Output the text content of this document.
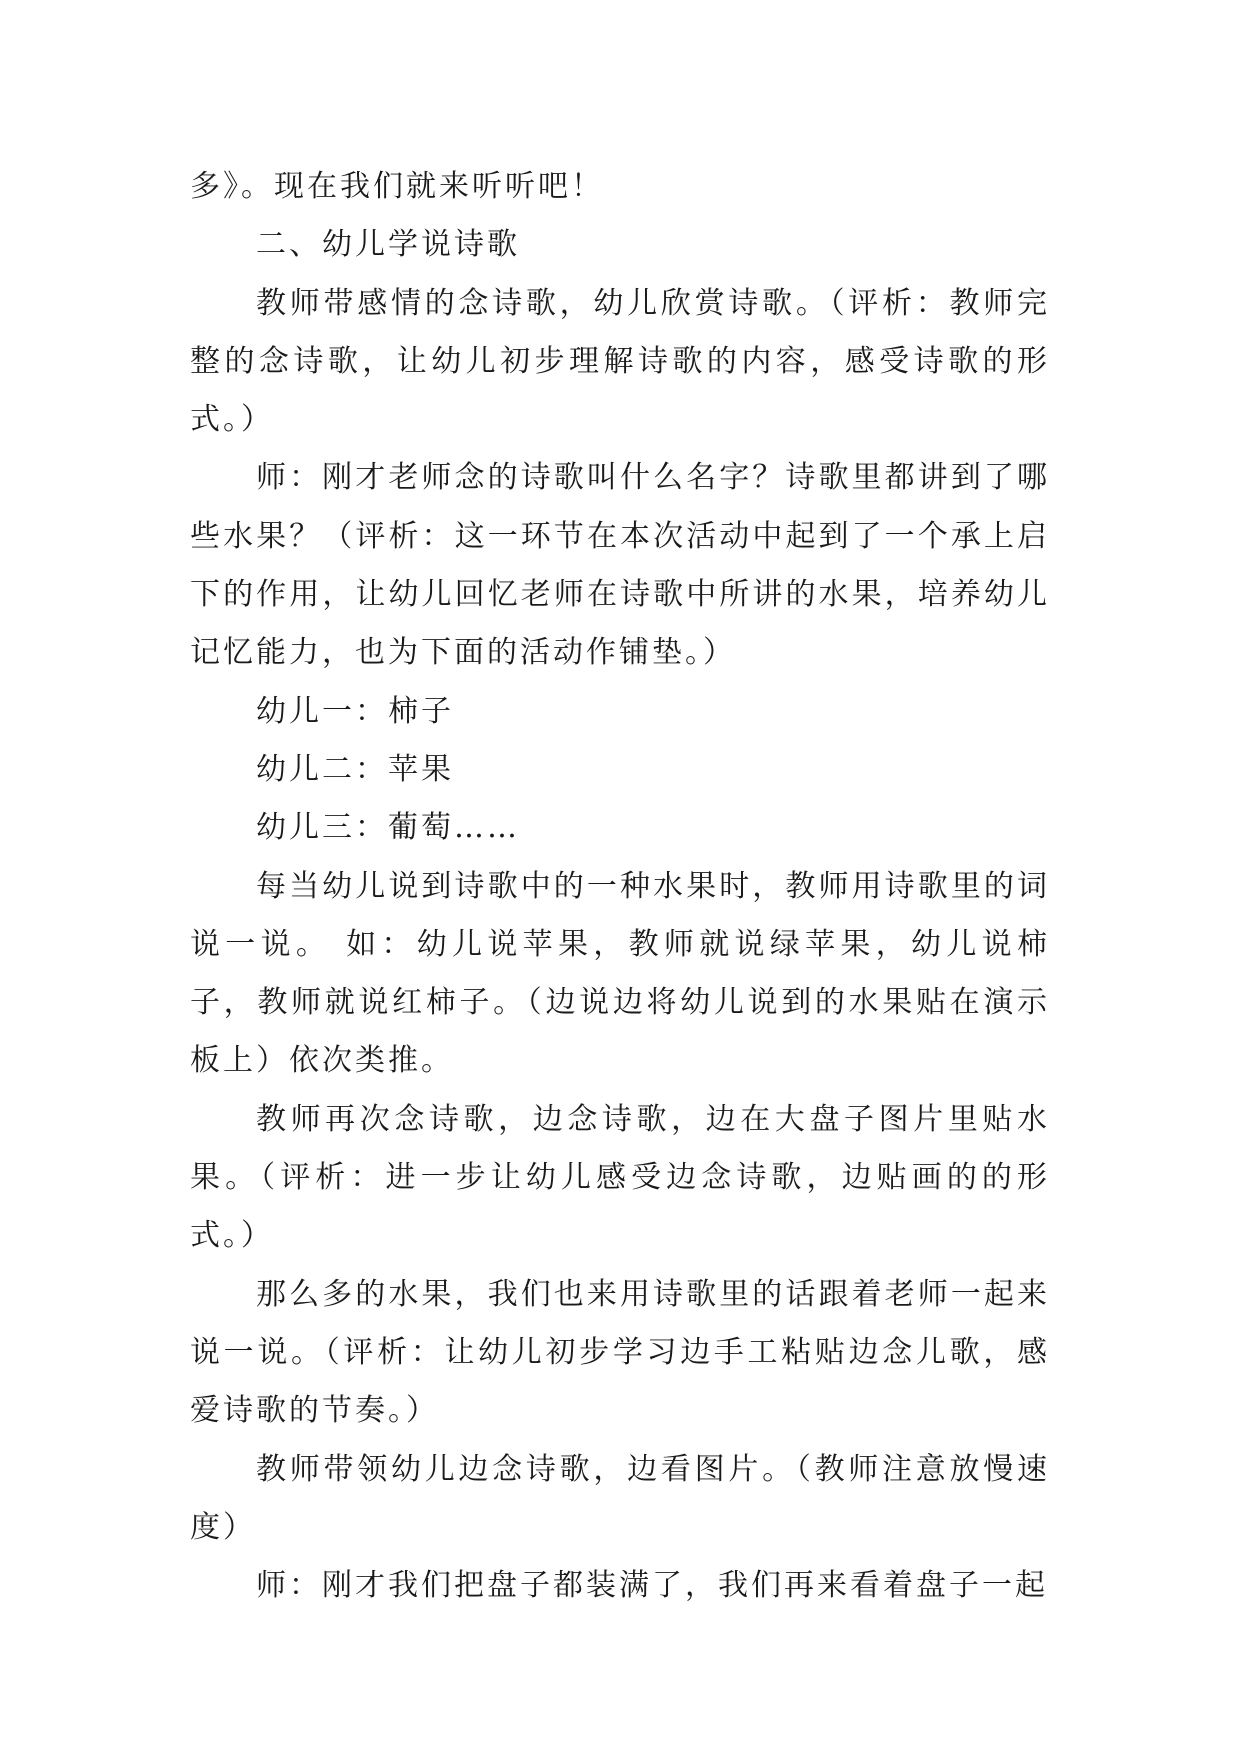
多》。现在我们就来听听吧！

二、幼儿学说诗歌

教师带感情的念诗歌，幼儿欣赏诗歌。（评析：教师完整的念诗歌，让幼儿初步理解诗歌的内容，感受诗歌的形式。）

师：刚才老师念的诗歌叫什么名字？诗歌里都讲到了哪些水果？（评析：这一环节在本次活动中起到了一个承上启下的作用，让幼儿回忆老师在诗歌中所讲的水果，培养幼儿记忆能力，也为下面的活动作铺垫。）

幼儿一：柿子

幼儿二：苹果

幼儿三：葡萄……

每当幼儿说到诗歌中的一种水果时，教师用诗歌里的词说一说。 如：幼儿说苹果，教师就说绿苹果，幼儿说柿子，教师就说红柿子。（边说边将幼儿说到的水果贴在演示板上）依次类推。

教师再次念诗歌，边念诗歌，边在大盘子图片里贴水果。（评析：进一步让幼儿感受边念诗歌，边贴画的的形式。）

那么多的水果，我们也来用诗歌里的话跟着老师一起来说一说。（评析：让幼儿初步学习边手工粘贴边念儿歌，感爱诗歌的节奏。）

教师带领幼儿边念诗歌，边看图片。（教师注意放慢速度）

师：刚才我们把盘子都装满了，我们再来看着盘子一起
